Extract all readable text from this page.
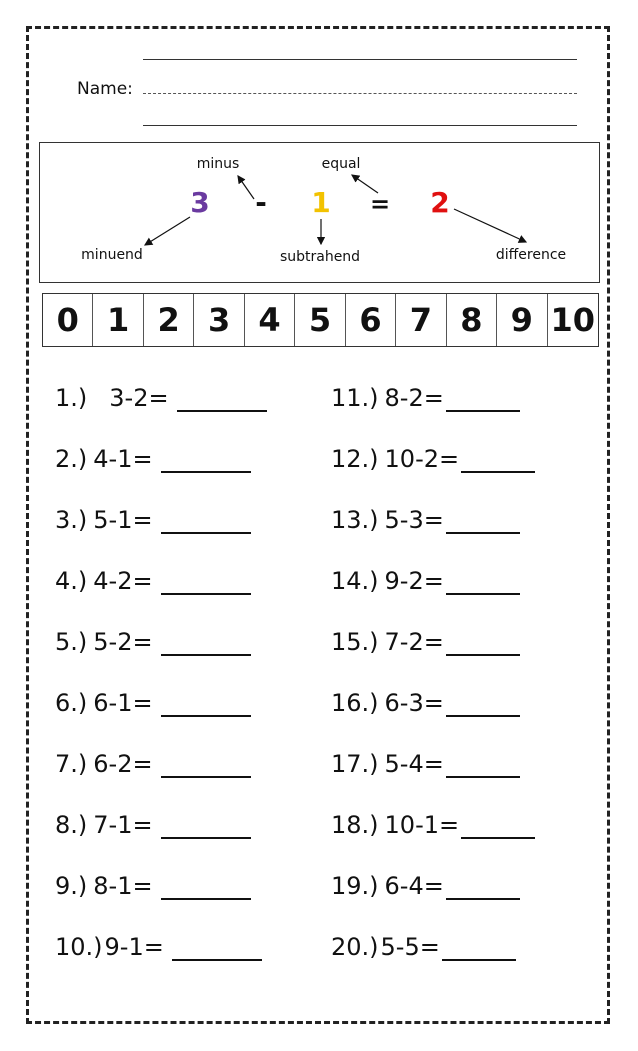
Name:
3 - 1 = 2
minus	equal
minuend	subtrahend	difference
0 1 2 3 4 5 6 7 8 9 10
1.) 3-2=	11.) 8-2=
2.) 4-1=	12.) 10-2=
3.) 5-1=	13.) 5-3=
4.) 4-2=	14.) 9-2=
5.) 5-2=	15.) 7-2=
6.) 6-1=	16.) 6-3=
7.) 6-2=	17.) 5-4=
8.) 7-1=	18.) 10-1=
9.) 8-1=	19.) 6-4=
10.) 9-1=	20.) 5-5=
